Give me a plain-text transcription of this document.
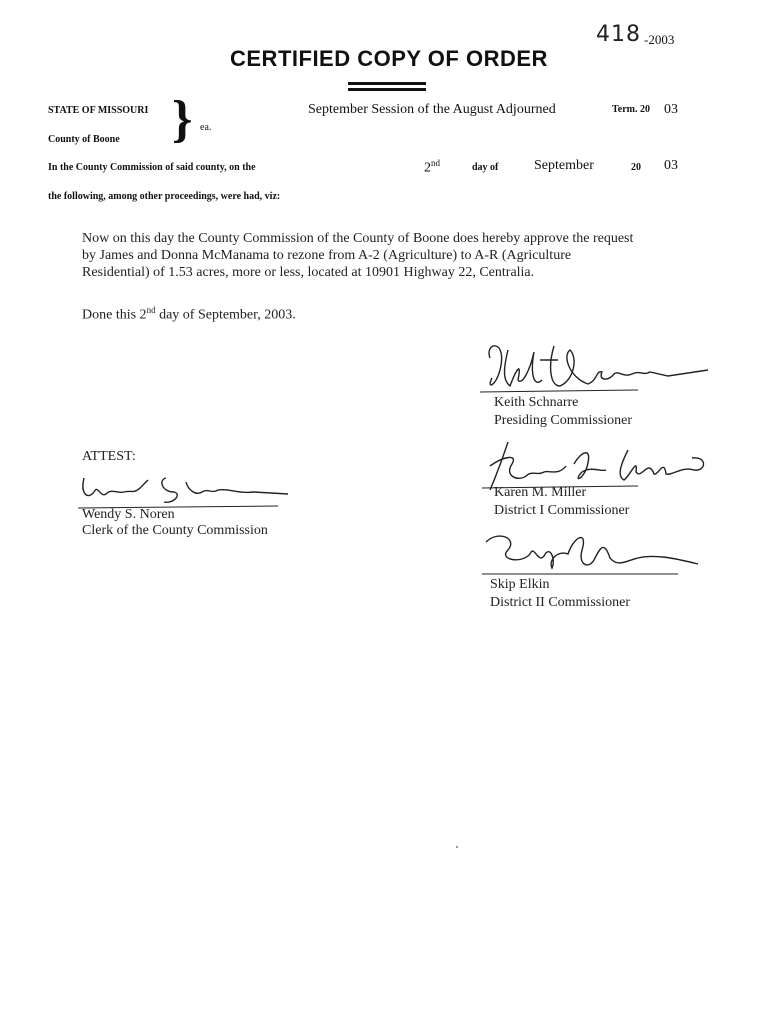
418 -2003
CERTIFIED COPY OF ORDER
STATE OF MISSOURI
County of Boone } ea.
September Session of the August Adjourned	Term. 20 03
In the County Commission of said county, on the	2nd	day of	September	20 03
the following, among other proceedings, were had, viz:
Now on this day the County Commission of the County of Boone does hereby approve the request
by James and Donna McManama to rezone from A-2 (Agriculture) to A-R (Agriculture
Residential) of 1.53 acres, more or less, located at 10901 Highway 22, Centralia.
Done this 2nd day of September, 2003.
Keith Schnarre
Presiding Commissioner
Karen M. Miller
District I Commissioner
Skip Elkin
District II Commissioner
ATTEST:
Wendy S. Noren
Clerk of the County Commission
